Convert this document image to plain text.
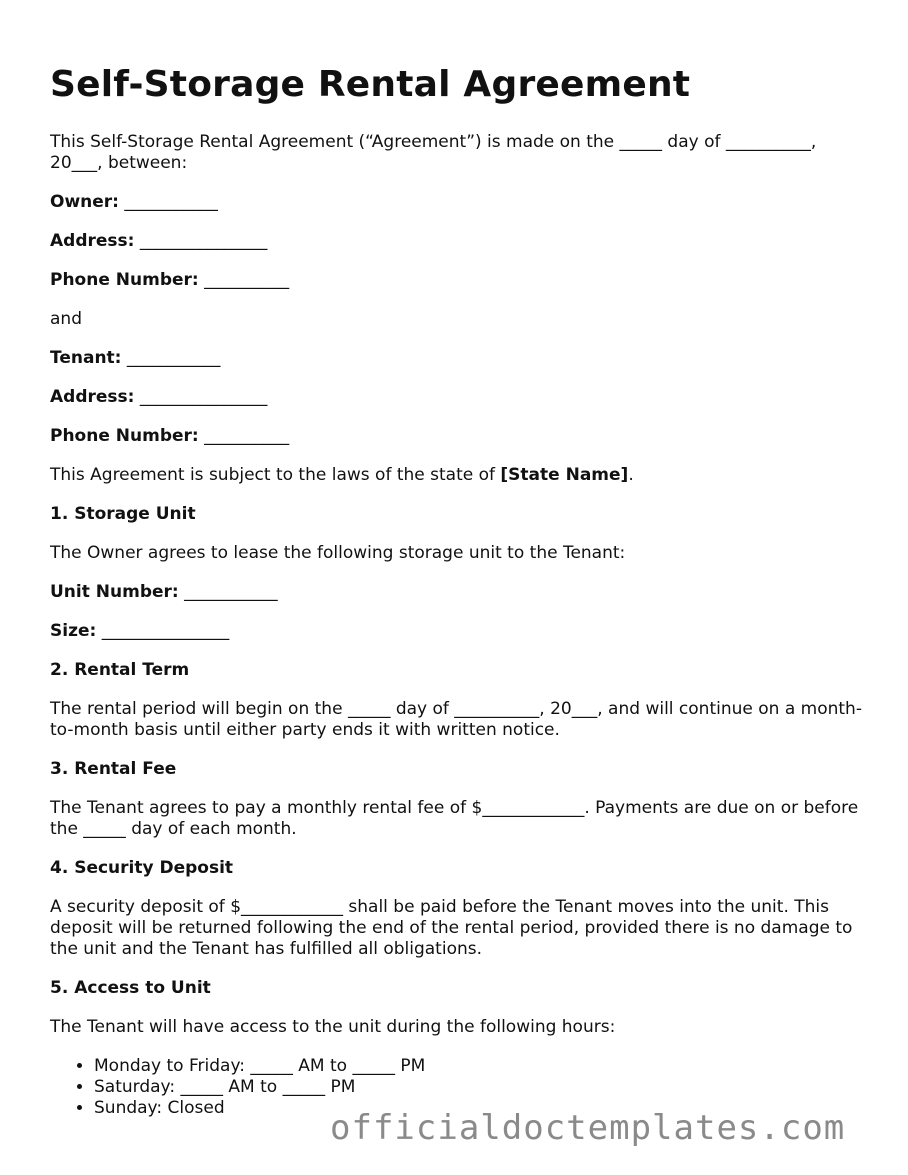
Self-Storage Rental Agreement

This Self-Storage Rental Agreement (“Agreement”) is made on the _____ day of __________, 20___, between:

Owner: ___________

Address: _______________

Phone Number: __________

and

Tenant: ___________

Address: _______________

Phone Number: __________

This Agreement is subject to the laws of the state of [State Name].

1. Storage Unit

The Owner agrees to lease the following storage unit to the Tenant:

Unit Number: ___________

Size: _______________

2. Rental Term

The rental period will begin on the _____ day of __________, 20___, and will continue on a month-to-month basis until either party ends it with written notice.

3. Rental Fee

The Tenant agrees to pay a monthly rental fee of $____________. Payments are due on or before the _____ day of each month.

4. Security Deposit

A security deposit of $____________ shall be paid before the Tenant moves into the unit. This deposit will be returned following the end of the rental period, provided there is no damage to the unit and the Tenant has fulfilled all obligations.

5. Access to Unit

The Tenant will have access to the unit during the following hours:

• Monday to Friday: _____ AM to _____ PM
• Saturday: _____ AM to _____ PM
• Sunday: Closed	officialdoctemplates.com
